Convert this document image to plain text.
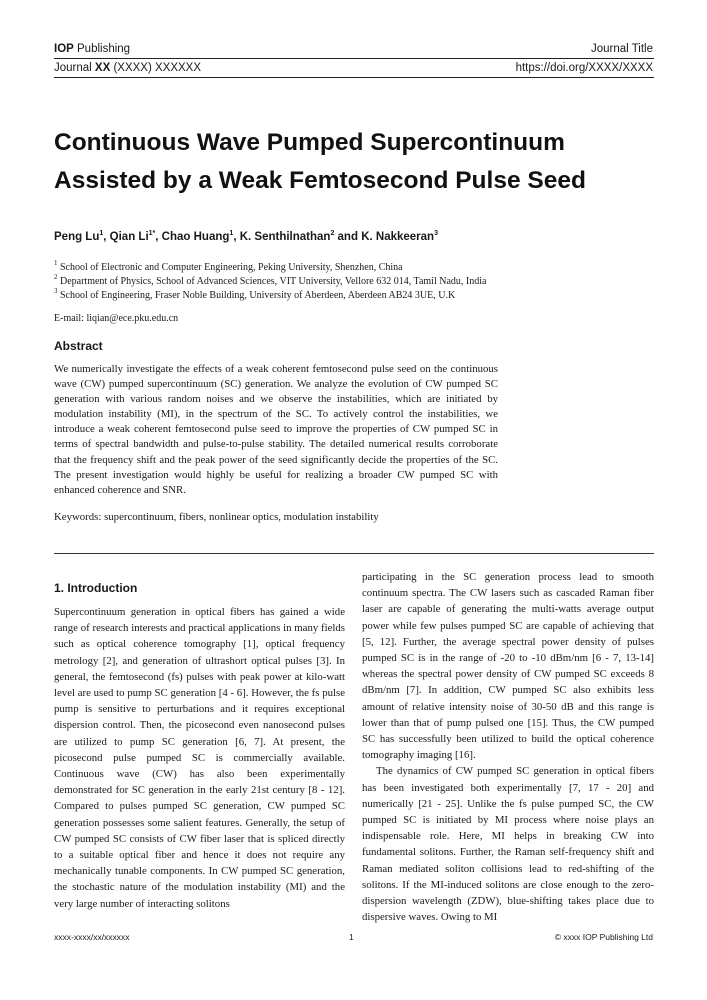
IOP Publishing	Journal Title
Journal XX (XXXX) XXXXXX	https://doi.org/XXXX/XXXX
Continuous Wave Pumped Supercontinuum Assisted by a Weak Femtosecond Pulse Seed
Peng Lu$^1$, Qian $Li^{1*}$, Chao Huang$^1$, K. Senthilnathan$^2$ and K. Nakkeeran$^3$
$^1$ School of Electronic and Computer Engineering, Peking University, Shenzhen, China
$^2$ Department of Physics, School of Advanced Sciences, VIT University, Vellore 632 014, Tamil Nadu, India
$^3$ School of Engineering, Fraser Noble Building, University of Aberdeen, Aberdeen AB24 3UE, U.K
E-mail: liqian@ece.pku.edu.cn
Abstract
We numerically investigate the effects of a weak coherent femtosecond pulse seed on the continuous wave (CW) pumped supercontinuum (SC) generation. We analyze the evolution of CW pumped SC generation with various random noises and we observe the instabilities, which are initiated by modulation instability (MI), in the spectrum of the SC. To actively control the instabilities, we introduce a weak coherent femtosecond pulse seed to improve the properties of CW pumped SC in terms of spectral bandwidth and pulse-to-pulse stability. The detailed numerical results corroborate that the frequency shift and the peak power of the seed significantly decide the properties of the SC. The present investigation would highly be useful for realizing a broader CW pumped SC with enhanced coherence and SNR.
Keywords: supercontinuum, fibers, nonlinear optics, modulation instability
1. Introduction
Supercontinuum generation in optical fibers has gained a wide range of research interests and practical applications in many fields such as optical coherence tomography [1], optical frequency metrology [2], and generation of ultrashort optical pulses [3]. In general, the femtosecond (fs) pulses with peak power at kilo-watt level are used to pump SC generation [4 - 6]. However, the fs pulse pump is sensitive to perturbations and it requires exceptional dispersion control. Then, the picosecond even nanosecond pulses are utilized to pump SC generation [6, 7]. At present, the picosecond pulse pumped SC is commercially available. Continuous wave (CW) has also been experimentally demonstrated for SC generation in the early 21st century [8 - 12]. Compared to pulses pumped SC generation, CW pumped SC generation possesses some salient features. Generally, the setup of CW pumped SC consists of CW fiber laser that is spliced directly to a suitable optical fiber and hence it does not require any mechanically tunable components. In CW pumped SC generation, the stochastic nature of the modulation instability (MI) and the very large number of interacting solitons
participating in the SC generation process lead to smooth continuum spectra. The CW lasers such as cascaded Raman fiber laser are capable of generating the multi-watts average output power while few pulses pumped SC are capable of achieving that [5, 12]. Further, the average spectral power density of pulses pumped SC is in the range of -20 to -10 dBm/nm [6 - 7, 13-14] whereas the spectral power density of CW pumped SC exceeds 8 dBm/nm [7]. In addition, CW pumped SC also exhibits less amount of relative intensity noise of 30-50 dB and this range is lower than that of pump pulsed one [15]. Thus, the CW pumped SC has successfully been utilized to build the optical coherence tomography imaging [16].
The dynamics of CW pumped SC generation in optical fibers has been investigated both experimentally [7, 17 - 20] and numerically [21 - 25]. Unlike the fs pulse pumped SC, the CW pumped SC is initiated by MI process where noise plays an indispensable role. Here, MI helps in breaking CW into fundamental solitons. Further, the Raman self-frequency shift and Raman mediated soliton collisions lead to red-shifting of the solitons. If the MI-induced solitons are close enough to the zero-dispersion wavelength (ZDW), blue-shifting takes place due to dispersive waves. Owing to MI
xxxx-xxxx/xx/xxxxxx	1	© xxxx IOP Publishing Ltd
